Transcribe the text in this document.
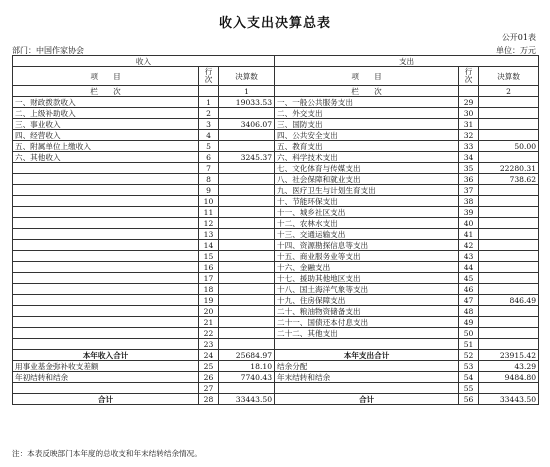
收入支出决算总表
公开01表
部门：中国作家协会	单位：万元
收入			支出		
项　　目	行次	决算数	项　　目	行次	决算数
栏　　次		1	栏　　次		2
一、财政拨款收入	1	19033.53	一、一般公共服务支出	29	
二、上级补助收入	2		二、外交支出	30	
三、事业收入	3	3406.07	三、国防支出	31	
四、经营收入	4		四、公共安全支出	32	
五、附属单位上缴收入	5		五、教育支出	33	50.00
六、其他收入	6	3245.37	六、科学技术支出	34	
	7		七、文化体育与传媒支出	35	22280.31
	8		八、社会保障和就业支出	36	738.62
	9		九、医疗卫生与计划生育支出	37	
	10		十、节能环保支出	38	
	11		十一、城乡社区支出	39	
	12		十二、农林水支出	40	
	13		十三、交通运输支出	41	
	14		十四、资源勘探信息等支出	42	
	15		十五、商业服务业等支出	43	
	16		十六、金融支出	44	
	17		十七、援助其他地区支出	45	
	18		十八、国土海洋气象等支出	46	
	19		十九、住房保障支出	47	846.49
	20		二十、粮油物资储备支出	48	
	21		二十一、国债还本付息支出	49	
	22		二十二、其他支出	50	
	23			51	
本年收入合计	24	25684.97	本年支出合计	52	23915.42
用事业基金弥补收支差额	25	18.10	结余分配	53	43.29
年初结转和结余	26	7740.43	年末结转和结余	54	9484.80
	27			55	
合计	28	33443.50	合计	56	33443.50
注：本表反映部门本年度的总收支和年末结转结余情况。
